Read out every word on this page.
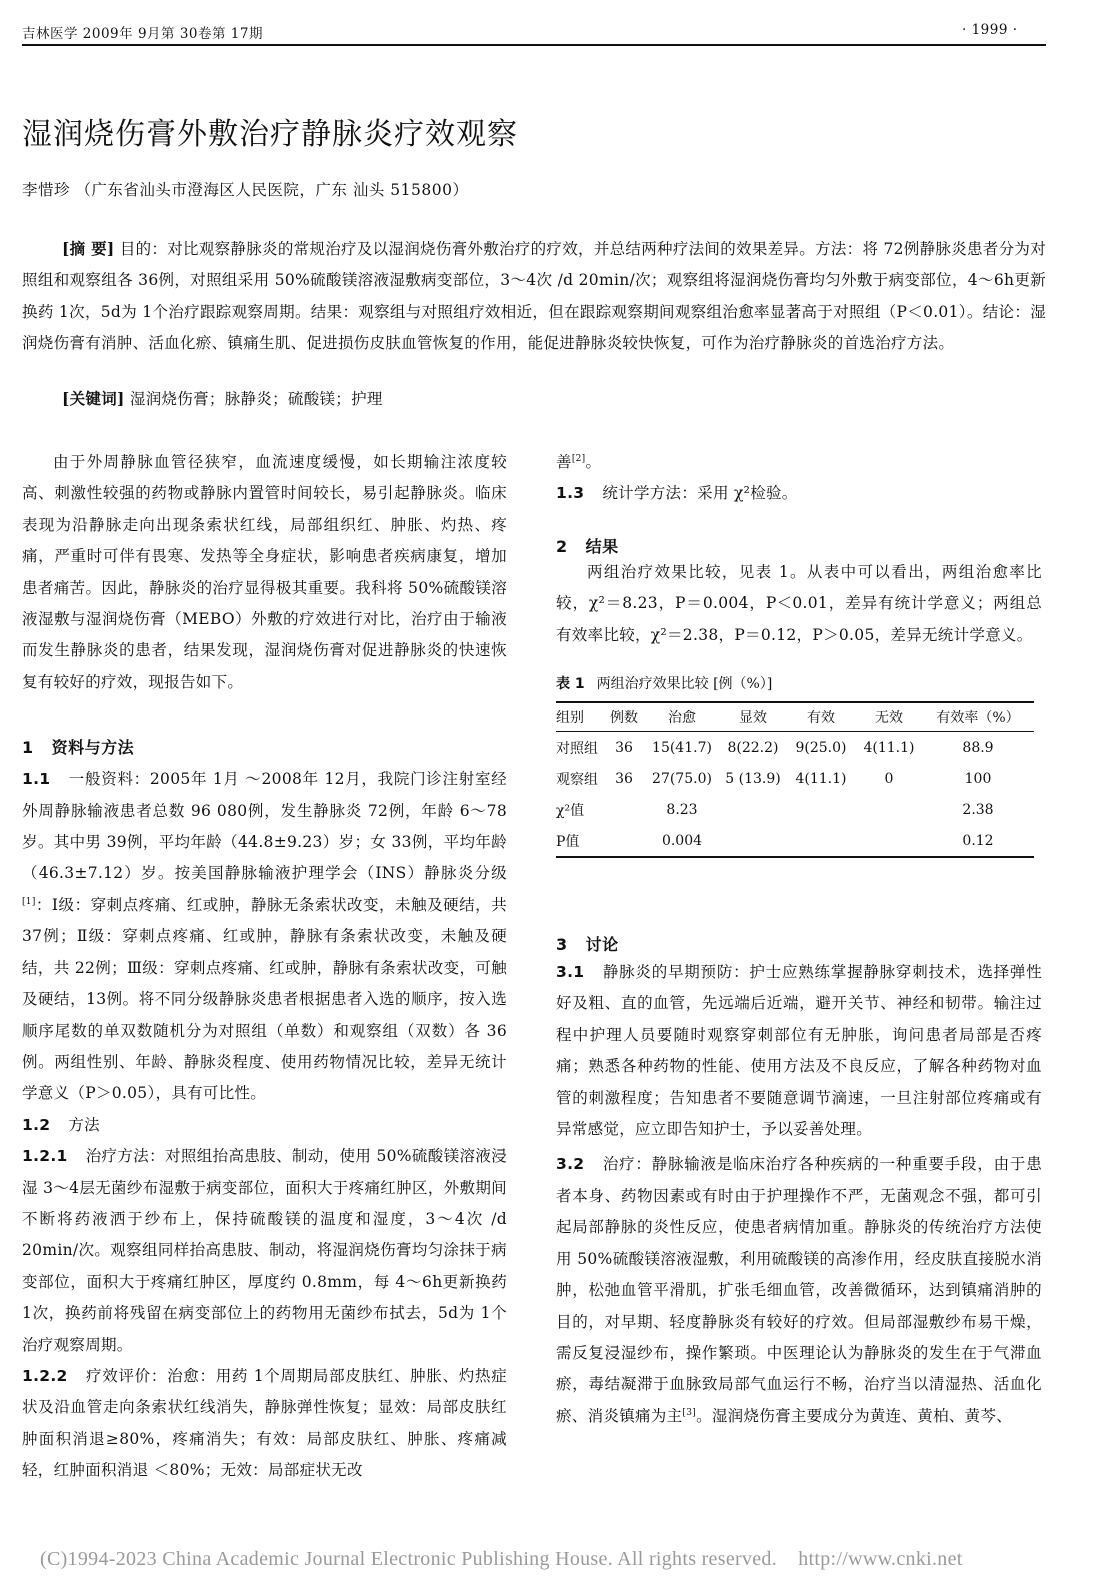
吉林医学 2009年 9月第 30卷第 17期	· 1999 ·
湿润烧伤膏外敷治疗静脉炎疗效观察
李惜珍 （广东省汕头市澄海区人民医院，广东 汕头 515800）
[摘 要] 目的：对比观察静脉炎的常规治疗及以湿润烧伤膏外敷治疗的疗效，并总结两种疗法间的效果差异。方法：将 72例静脉炎患者分为对照组和观察组各 36例，对照组采用 50%硫酸镁溶液湿敷病变部位，3～4次 /d 20min/次；观察组将湿润烧伤膏均匀外敷于病变部位，4～6h更新换药 1次，5d为 1个治疗跟踪观察周期。结果：观察组与对照组疗效相近，但在跟踪观察期间观察组治愈率显著高于对照组（P＜0.01）。结论：湿润烧伤膏有消肿、活血化瘀、镇痛生肌、促进损伤皮肤血管恢复的作用，能促进静脉炎较快恢复，可作为治疗静脉炎的首选治疗方法。
[关键词] 湿润烧伤膏；脉静炎；硫酸镁；护理
由于外周静脉血管径狭窄，血流速度缓慢，如长期输注浓度较高、刺激性较强的药物或静脉内置管时间较长，易引起静脉炎。临床表现为沿静脉走向出现条索状红线，局部组织红、肿胀、灼热、疼痛，严重时可伴有畏寒、发热等全身症状，影响患者疾病康复，增加患者痛苦。因此，静脉炎的治疗显得极其重要。我科将 50%硫酸镁溶液湿敷与湿润烧伤膏（MEBO）外敷的疗效进行对比，治疗由于输液而发生静脉炎的患者，结果发现，湿润烧伤膏对促进静脉炎的快速恢复有较好的疗效，现报告如下。
1 资料与方法
1.1 一般资料：2005年 1月 ～2008年 12月，我院门诊注射室经外周静脉输液患者总数 96 080例，发生静脉炎 72例，年龄 6～78岁。其中男 39例，平均年龄（44.8±9.23）岁；女 33例，平均年龄（46.3±7.12）岁。按美国静脉输液护理学会（INS）静脉炎分级[1]：Ⅰ级：穿刺点疼痛、红或肿，静脉无条索状改变，未触及硬结，共 37例；Ⅱ级：穿刺点疼痛、红或肿，静脉有条索状改变，未触及硬结，共 22例；Ⅲ级：穿刺点疼痛、红或肿，静脉有条索状改变，可触及硬结，13例。将不同分级静脉炎患者根据患者入选的顺序，按入选顺序尾数的单双数随机分为对照组（单数）和观察组（双数）各 36例。两组性别、年龄、静脉炎程度、使用药物情况比较，差异无统计学意义（P＞0.05），具有可比性。
1.2 方法
1.2.1 治疗方法：对照组抬高患肢、制动，使用 50%硫酸镁溶液浸湿 3～4层无菌纱布湿敷于病变部位，面积大于疼痛红肿区，外敷期间不断将药液洒于纱布上，保持硫酸镁的温度和湿度，3～4次 /d 20min/次。观察组同样抬高患肢、制动，将湿润烧伤膏均匀涂抹于病变部位，面积大于疼痛红肿区，厚度约 0.8mm，每 4～6h更新换药 1次，换药前将残留在病变部位上的药物用无菌纱布拭去，5d为 1个治疗观察周期。
1.2.2 疗效评价：治愈：用药 1个周期局部皮肤红、肿胀、灼热症状及沿血管走向条索状红线消失，静脉弹性恢复；显效：局部皮肤红肿面积消退≥80%，疼痛消失；有效：局部皮肤红、肿胀、疼痛减轻，红肿面积消退 ＜80%；无效：局部症状无改
善[2]。
1.3 统计学方法：采用 χ²检验。
2 结果
两组治疗效果比较，见表 1。从表中可以看出，两组治愈率比较，χ²＝8.23，P＝0.004，P＜0.01，差异有统计学意义；两组总有效率比较，χ²＝2.38，P＝0.12，P＞0.05，差异无统计学意义。
表 1 两组治疗效果比较 [例（%）]
组别	例数	治愈	显效	有效	无效	有效率（%）
对照组	36	15(41.7)	8(22.2)	9(25.0)	4(11.1)	88.9
观察组	36	27(75.0)	5 (13.9)	4(11.1)	0	100
χ²值		8.23				2.38
P值		0.004				0.12
3 讨论
3.1 静脉炎的早期预防：护士应熟练掌握静脉穿刺技术，选择弹性好及粗、直的血管，先远端后近端，避开关节、神经和韧带。输注过程中护理人员要随时观察穿刺部位有无肿胀，询问患者局部是否疼痛；熟悉各种药物的性能、使用方法及不良反应，了解各种药物对血管的刺激程度；告知患者不要随意调节滴速，一旦注射部位疼痛或有异常感觉，应立即告知护士，予以妥善处理。
3.2 治疗：静脉输液是临床治疗各种疾病的一种重要手段，由于患者本身、药物因素或有时由于护理操作不严，无菌观念不强，都可引起局部静脉的炎性反应，使患者病情加重。静脉炎的传统治疗方法使用 50%硫酸镁溶液湿敷，利用硫酸镁的高渗作用，经皮肤直接脱水消肿，松弛血管平滑肌，扩张毛细血管，改善微循环，达到镇痛消肿的目的，对早期、轻度静脉炎有较好的疗效。但局部湿敷纱布易干燥，需反复浸湿纱布，操作繁琐。中医理论认为静脉炎的发生在于气滞血瘀，毒结凝滞于血脉致局部气血运行不畅，治疗当以清湿热、活血化瘀、消炎镇痛为主[3]。湿润烧伤膏主要成分为黄连、黄柏、黄芩、
(C)1994-2023 China Academic Journal Electronic Publishing House. All rights reserved.    http://www.cnki.net
